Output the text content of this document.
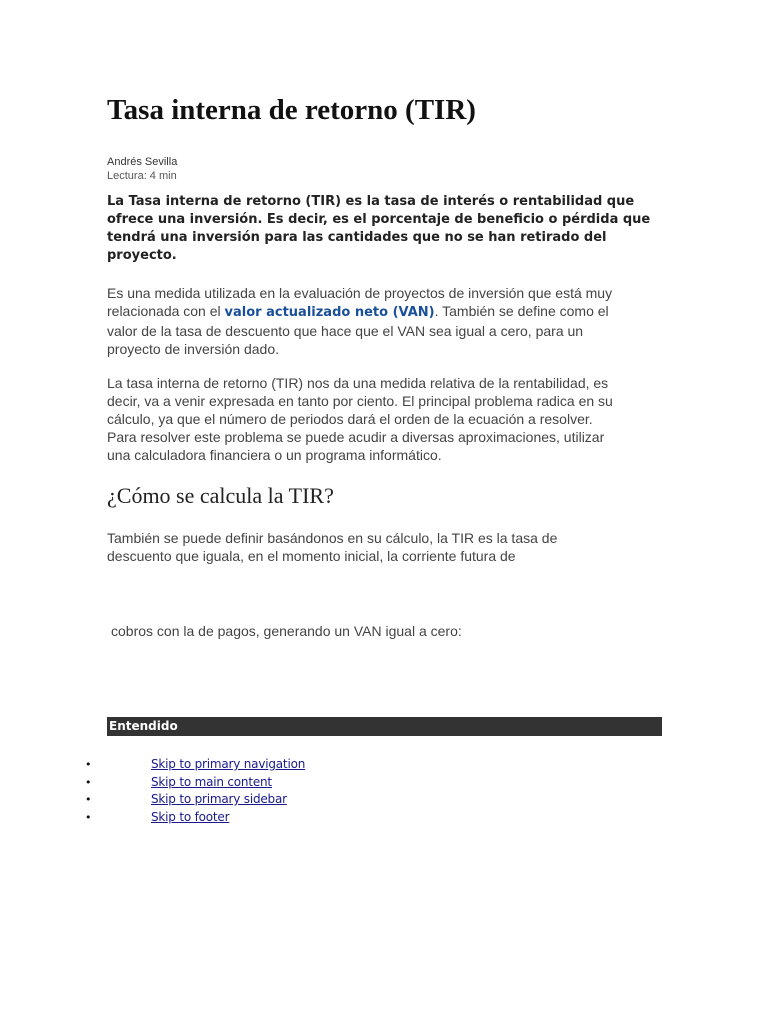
Tasa interna de retorno (TIR)
Andrés Sevilla
Lectura: 4 min

La Tasa interna de retorno (TIR) es la tasa de interés o rentabilidad que
ofrece una inversión. Es decir, es el porcentaje de beneficio o pérdida que
tendrá una inversión para las cantidades que no se han retirado del
proyecto.

Es una medida utilizada en la evaluación de proyectos de inversión que está muy
relacionada con el valor actualizado neto (VAN). También se define como el
valor de la tasa de descuento que hace que el VAN sea igual a cero, para un
proyecto de inversión dado.

La tasa interna de retorno (TIR) nos da una medida relativa de la rentabilidad, es
decir, va a venir expresada en tanto por ciento. El principal problema radica en su
cálculo, ya que el número de periodos dará el orden de la ecuación a resolver.
Para resolver este problema se puede acudir a diversas aproximaciones, utilizar
una calculadora financiera o un programa informático.

¿Cómo se calcula la TIR?

También se puede definir basándonos en su cálculo, la TIR es la tasa de
descuento que iguala, en el momento inicial, la corriente futura de

cobros con la de pagos, generando un VAN igual a cero:

Entendido
•	Skip to primary navigation
•	Skip to main content
•	Skip to primary sidebar
•	Skip to footer
